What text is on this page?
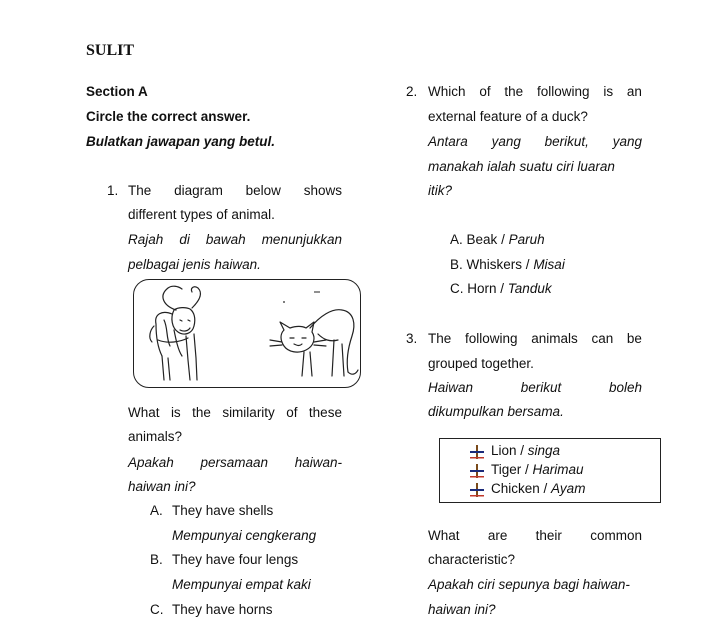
SULIT
Section A
Circle the correct answer.
Bulatkan jawapan yang betul.
1. The diagram below shows
different types of animal.
Rajah di bawah menunjukkan
pelbagai jenis haiwan.
What is the similarity of these
animals?
Apakah persamaan haiwan-
haiwan ini?
A. They have shells
Mempunyai cengkerang
B. They have four lengs
Mempunyai empat kaki
C. They have horns
2. Which of the following is an
external feature of a duck?
Antara yang berikut, yang
manakah ialah suatu ciri luaran
itik?
A. Beak / Paruh
B. Whiskers / Misai
C. Horn / Tanduk
3. The following animals can be
grouped together.
Haiwan	berikut	boleh
dikumpulkan bersama.
Lion / singa
Tiger / Harimau
Chicken / Ayam
What are their common
characteristic?
Apakah ciri sepunya bagi haiwan-
haiwan ini?
